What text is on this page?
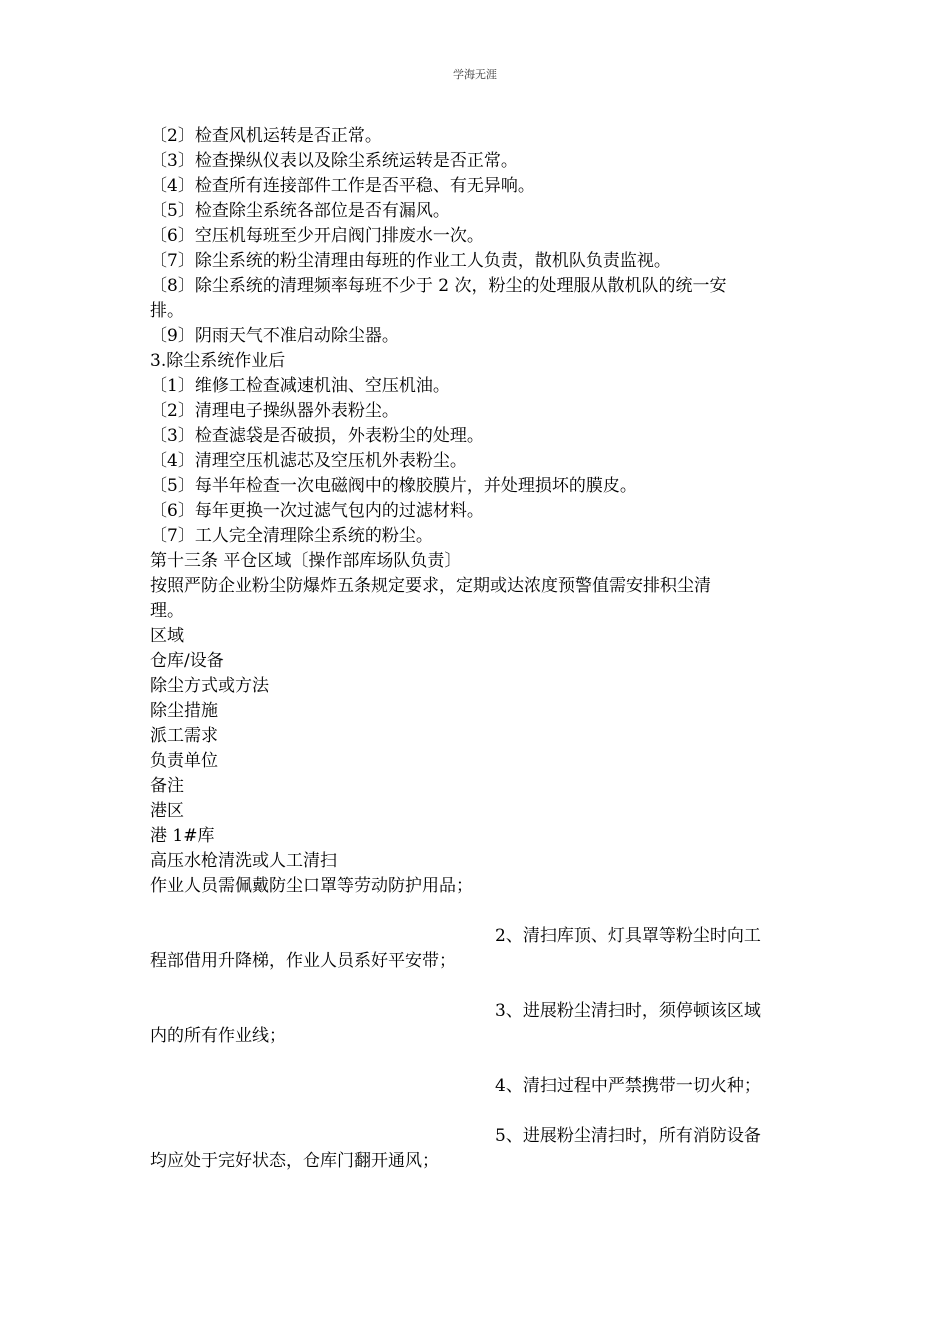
学海无涯
〔2〕检查风机运转是否正常。
〔3〕检查操纵仪表以及除尘系统运转是否正常。
〔4〕检查所有连接部件工作是否平稳、有无异响。
〔5〕检查除尘系统各部位是否有漏风。
〔6〕空压机每班至少开启阀门排废水一次。
〔7〕除尘系统的粉尘清理由每班的作业工人负责，散机队负责监视。
〔8〕除尘系统的清理频率每班不少于 2 次，粉尘的处理服从散机队的统一安
排。
〔9〕阴雨天气不准启动除尘器。
3.除尘系统作业后
〔1〕维修工检查减速机油、空压机油。
〔2〕清理电子操纵器外表粉尘。
〔3〕检查滤袋是否破损，外表粉尘的处理。
〔4〕清理空压机滤芯及空压机外表粉尘。
〔5〕每半年检查一次电磁阀中的橡胶膜片，并处理损坏的膜皮。
〔6〕每年更换一次过滤气包内的过滤材料。
〔7〕工人完全清理除尘系统的粉尘。
第十三条 平仓区域〔操作部库场队负责〕
按照严防企业粉尘防爆炸五条规定要求，定期或达浓度预警值需安排积尘清
理。
区域
仓库/设备
除尘方式或方法
除尘措施
派工需求
负责单位
备注
港区
港 1#库
高压水枪清洗或人工清扫
作业人员需佩戴防尘口罩等劳动防护用品；
2、清扫库顶、灯具罩等粉尘时向工
程部借用升降梯，作业人员系好平安带；
3、进展粉尘清扫时，须停顿该区域
内的所有作业线；
4、清扫过程中严禁携带一切火种；
5、进展粉尘清扫时，所有消防设备
均应处于完好状态，仓库门翻开通风；
